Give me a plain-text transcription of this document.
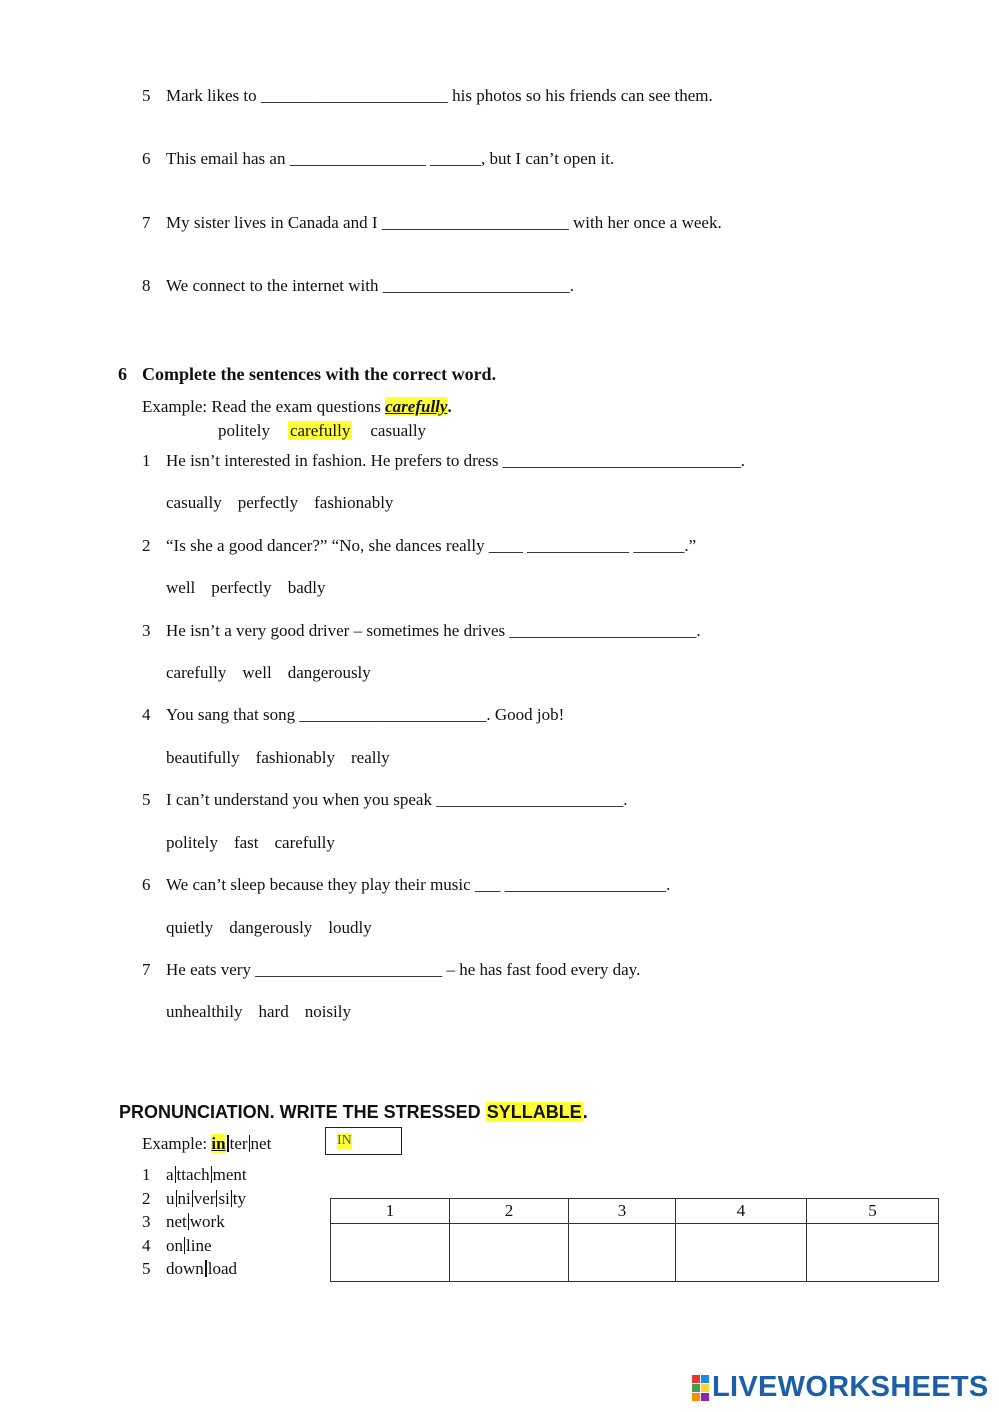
5 Mark likes to ______________________ his photos so his friends can see them.
6 This email has an ________________ ______, but I can’t open it.
7 My sister lives in Canada and I ______________________ with her once a week.
8 We connect to the internet with ______________________.
6 Complete the sentences with the correct word.
Example: Read the exam questions carefully.
politely carefully casually
1 He isn’t interested in fashion. He prefers to dress ____________________________.
casually perfectly fashionably
2 “Is she a good dancer?” “No, she dances really ____ ____________ ______.”
well perfectly badly
3 He isn’t a very good driver – sometimes he drives ______________________.
carefully well dangerously
4 You sang that song ______________________. Good job!
beautifully fashionably really
5 I can’t understand you when you speak ______________________.
politely fast carefully
6 We can’t sleep because they play their music ___ ___________________.
quietly dangerously loudly
7 He eats very ______________________ – he has fast food every day.
unhealthily hard noisily
PRONUNCIATION. WRITE THE STRESSED SYLLABLE.
Example: in ter net	IN
1 a ttach ment
2 u ni ver si ty
3 net work
4 on line
5 down load
1	2	3	4	5

LIVEWORKSHEETS
